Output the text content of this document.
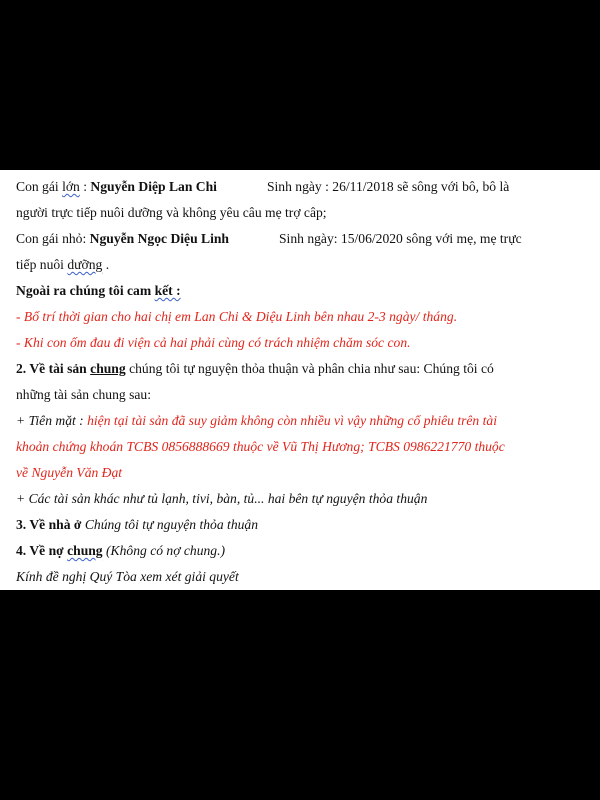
Con gái lớn : Nguyễn Diệp Lan Chi	Sinh ngày : 26/11/2018 sẽ sông với bô, bô là
người trực tiếp nuôi dưỡng và không yêu câu mẹ trợ câp;
Con gái nhỏ: Nguyễn Ngọc Diệu Linh	Sinh ngày: 15/06/2020 sông với mẹ, mẹ trực
tiếp nuôi dưỡng .
Ngoài ra chúng tôi cam kết :
- Bố trí thời gian cho hai chị em Lan Chi & Diệu Linh bên nhau 2-3 ngày/ tháng.
- Khi con ốm đau đi viện cả hai phải cùng có trách nhiệm chăm sóc con.
2. Về tài sản chung chúng tôi tự nguyện thỏa thuận và phân chia như sau: Chúng tôi có
những tài sản chung sau:
+ Tiên mặt : hiện tại tài sản đã suy giảm không còn nhiều vì vậy những cổ phiêu trên tài
khoản chứng khoán TCBS 0856888669 thuộc về Vũ Thị Hương; TCBS 0986221770 thuộc
về Nguyễn Văn Đạt
+ Các tài sản khác như tủ lạnh, tivi, bàn, tủ... hai bên tự nguyện thỏa thuận
3. Về nhà ở Chúng tôi tự nguyện thỏa thuận
4. Về nợ chung (Không có nợ chung.)
Kính đề nghị Quý Tòa xem xét giải quyết
